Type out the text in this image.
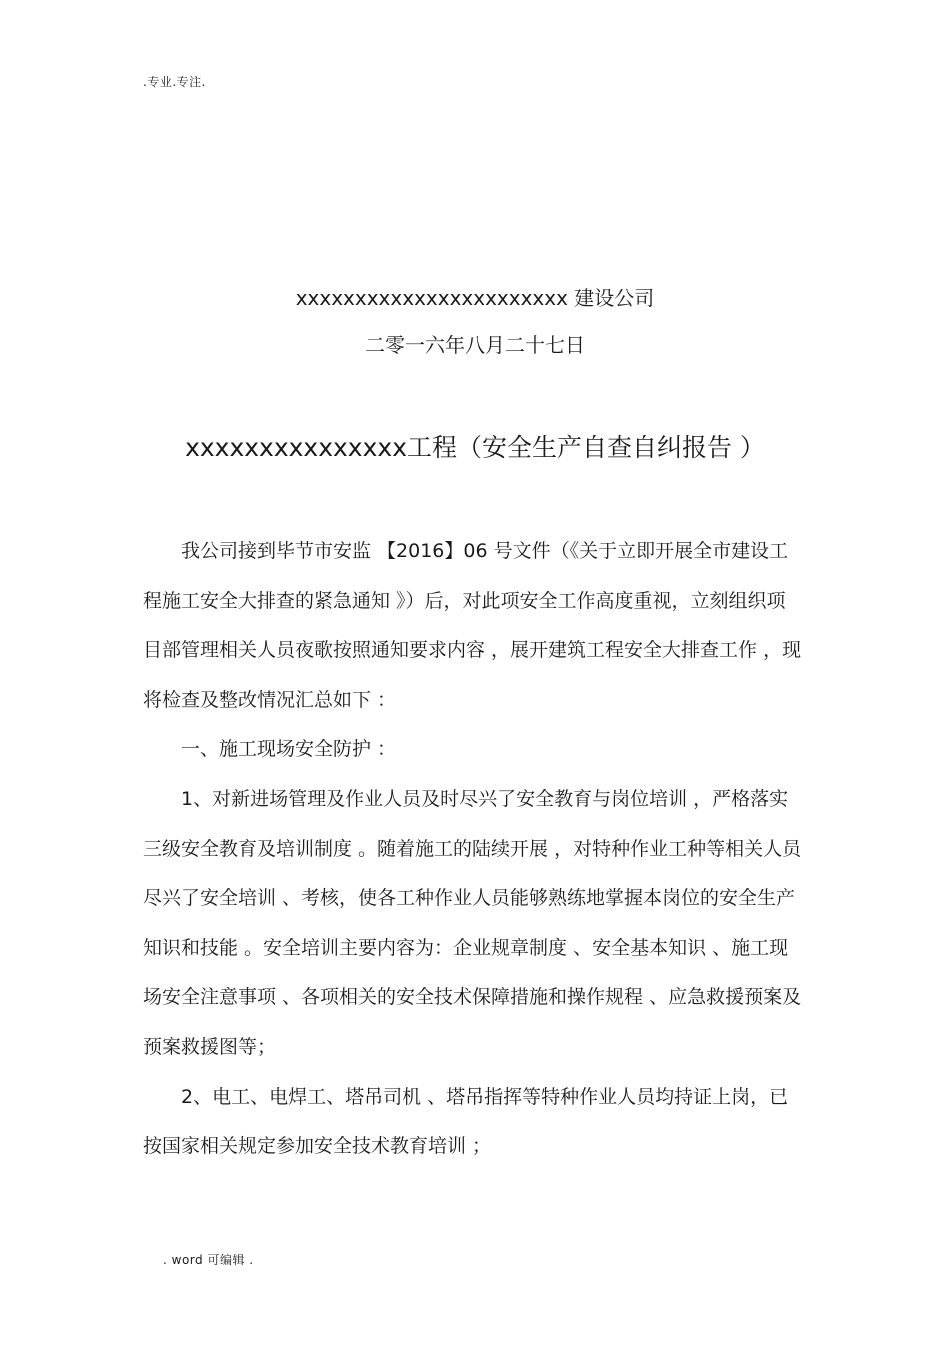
.专业.专注.
xxxxxxxxxxxxxxxxxxxxxxx 建设公司
二零一六年八月二十七日
xxxxxxxxxxxxxxx工程（安全生产自查自纠报告 ）

我公司接到毕节市安监 【2016】06 号文件（《关于立即开展全市建设工程施工安全大排查的紧急通知 》）后，对此项安全工作高度重视，立刻组织项目部管理相关人员夜歌按照通知要求内容 ，展开建筑工程安全大排查工作 ，现将检查及整改情况汇总如下 ：

一、施工现场安全防护 ：

1、对新进场管理及作业人员及时尽兴了安全教育与岗位培训 ，严格落实三级安全教育及培训制度 。随着施工的陆续开展 ，对特种作业工种等相关人员尽兴了安全培训 、考核，使各工种作业人员能够熟练地掌握本岗位的安全生产知识和技能 。安全培训主要内容为：企业规章制度 、安全基本知识 、施工现场安全注意事项 、各项相关的安全技术保障措施和操作规程 、应急救援预案及预案救援图等；

2、电工、电焊工、塔吊司机 、塔吊指挥等特种作业人员均持证上岗，已按国家相关规定参加安全技术教育培训 ；

. word 可编辑 .
